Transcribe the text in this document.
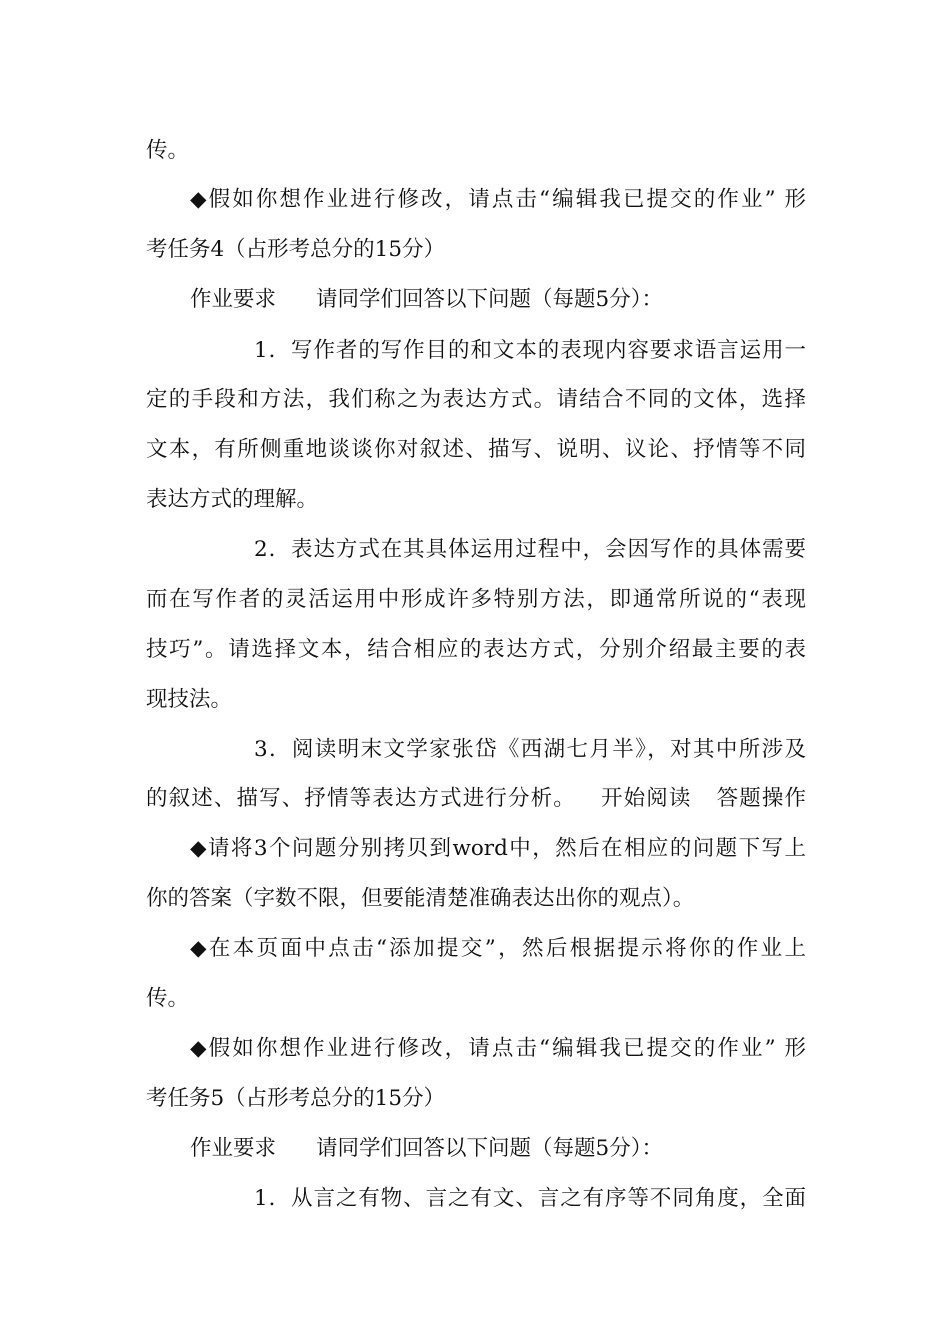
传。
◆假如你想作业进行修改，请点击“编辑我已提交的作业” 形
考任务4（占形考总分的15分）
作业要求 请同学们回答以下问题（每题5分）：
1．写作者的写作目的和文本的表现内容要求语言运用一
定的手段和方法，我们称之为表达方式。请结合不同的文体，选择
文本，有所侧重地谈谈你对叙述、描写、说明、议论、抒情等不同
表达方式的理解。
2．表达方式在其具体运用过程中，会因写作的具体需要
而在写作者的灵活运用中形成许多特别方法，即通常所说的“表现
技巧”。请选择文本，结合相应的表达方式，分别介绍最主要的表
现技法。
3．阅读明末文学家张岱《西湖七月半》，对其中所涉及
的叙述、描写、抒情等表达方式进行分析。 开始阅读 答题操作
◆请将3个问题分别拷贝到word中，然后在相应的问题下写上
你的答案（字数不限，但要能清楚准确表达出你的观点）。
◆在本页面中点击“添加提交”，然后根据提示将你的作业上
传。
◆假如你想作业进行修改，请点击“编辑我已提交的作业” 形
考任务5（占形考总分的15分）
作业要求 请同学们回答以下问题（每题5分）：
1．从言之有物、言之有文、言之有序等不同角度，全面
